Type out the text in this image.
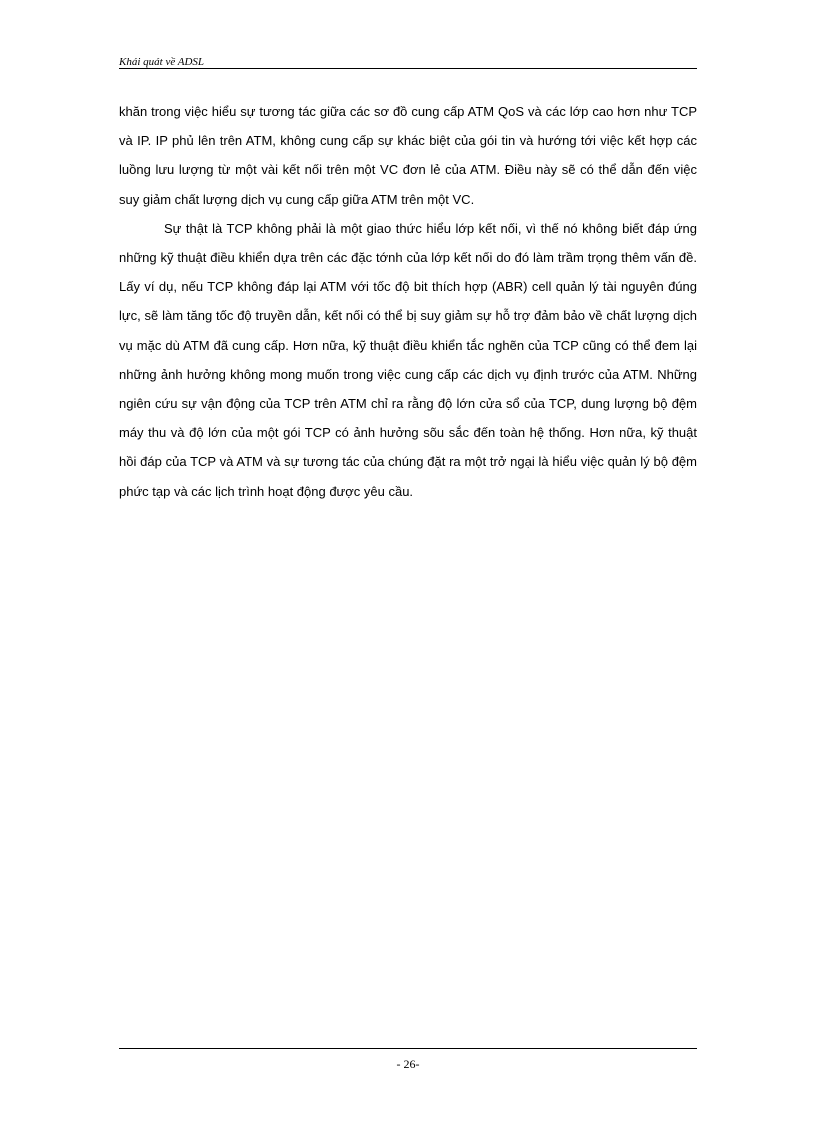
Khái quát về ADSL

khăn trong việc hiểu sự tương tác giữa các sơ đồ cung cấp ATM QoS và các lớp cao hơn như TCP và IP. IP phủ lên trên ATM, không cung cấp sự khác biệt của gói tin và hướng tới việc kết hợp các luồng lưu lượng từ một vài kết nối trên một VC đơn lẻ của ATM. Điều này sẽ có thể dẫn đến việc suy giảm chất lượng dịch vụ cung cấp giữa ATM trên một VC.

Sự thật là TCP không phải là một giao thức hiểu lớp kết nối, vì thế nó không biết đáp ứng những kỹ thuật điều khiển dựa trên các đặc tớnh của lớp kết nối do đó làm trầm trọng thêm vấn đề. Lấy ví dụ, nếu TCP không đáp lại ATM với tốc độ bit thích hợp (ABR) cell quản lý tài nguyên đúng lực, sẽ làm tăng tốc độ truyền dẫn, kết nối có thể bị suy giảm sự hỗ trợ đảm bảo về chất lượng dịch vụ mặc dù ATM đã cung cấp. Hơn nữa, kỹ thuật điều khiển tắc nghẽn của TCP cũng có thể đem lại những ảnh hưởng không mong muốn trong việc cung cấp các dịch vụ định trước của ATM. Những ngiên cứu sự vận động của TCP trên ATM chỉ ra rằng độ lớn cửa sổ của TCP, dung lượng bộ đệm máy thu và độ lớn của một gói TCP có ảnh hưởng sõu sắc đến toàn hệ thống. Hơn nữa, kỹ thuật hồi đáp của TCP và ATM và sự tương tác của chúng đặt ra một trở ngại là hiểu việc quản lý bộ đệm phức tạp và các lịch trình hoạt động được yêu cầu.

- 26-
